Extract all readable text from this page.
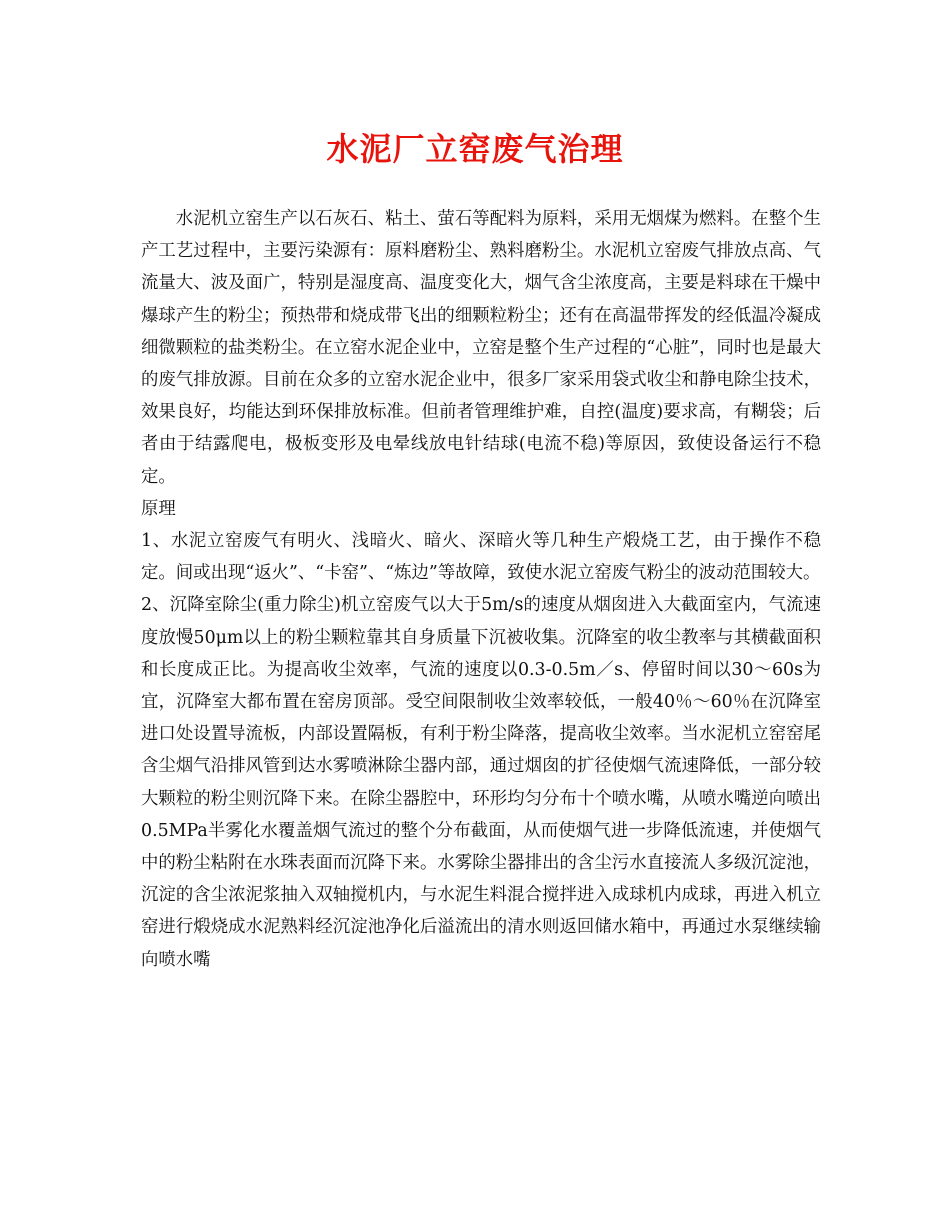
水泥厂立窑废气治理

水泥机立窑生产以石灰石、粘土、萤石等配料为原料，采用无烟煤为燃料。在整个生产工艺过程中，主要污染源有：原料磨粉尘、熟料磨粉尘。水泥机立窑废气排放点高、气流量大、波及面广，特别是湿度高、温度变化大，烟气含尘浓度高，主要是料球在干燥中爆球产生的粉尘；预热带和烧成带飞出的细颗粒粉尘；还有在高温带挥发的经低温冷凝成细微颗粒的盐类粉尘。在立窑水泥企业中，立窑是整个生产过程的“心脏”，同时也是最大的废气排放源。目前在众多的立窑水泥企业中，很多厂家采用袋式收尘和静电除尘技术，效果良好，均能达到环保排放标准。但前者管理维护难，自控(温度)要求高，有糊袋；后者由于结露爬电，极板变形及电晕线放电针结球(电流不稳)等原因，致使设备运行不稳定。

原理

1、水泥立窑废气有明火、浅暗火、暗火、深暗火等几种生产煅烧工艺，由于操作不稳定。间或出现“返火”、“卡窑”、“炼边”等故障，致使水泥立窑废气粉尘的波动范围较大。

2、沉降室除尘(重力除尘)机立窑废气以大于5m/s的速度从烟囱进入大截面室内，气流速度放慢50μm以上的粉尘颗粒靠其自身质量下沉被收集。沉降室的收尘教率与其横截面积和长度成正比。为提高收尘效率，气流的速度以0.3-0.5m／s、停留时间以30～60s为宜，沉降室大都布置在窑房顶部。受空间限制收尘效率较低，一般40％～60％在沉降室进口处设置导流板，内部设置隔板，有利于粉尘降落，提高收尘效率。当水泥机立窑窑尾含尘烟气沿排风管到达水雾喷淋除尘器内部，通过烟囱的扩径使烟气流速降低，一部分较大颗粒的粉尘则沉降下来。在除尘器腔中，环形均匀分布十个喷水嘴，从喷水嘴逆向喷出0.5MPa半雾化水覆盖烟气流过的整个分布截面，从而使烟气进一步降低流速，并使烟气中的粉尘粘附在水珠表面而沉降下来。水雾除尘器排出的含尘污水直接流人多级沉淀池，沉淀的含尘浓泥浆抽入双轴搅机内，与水泥生料混合搅拌进入成球机内成球，再进入机立窑进行煅烧成水泥熟料经沉淀池净化后溢流出的清水则返回储水箱中，再通过水泵继续输向喷水嘴
